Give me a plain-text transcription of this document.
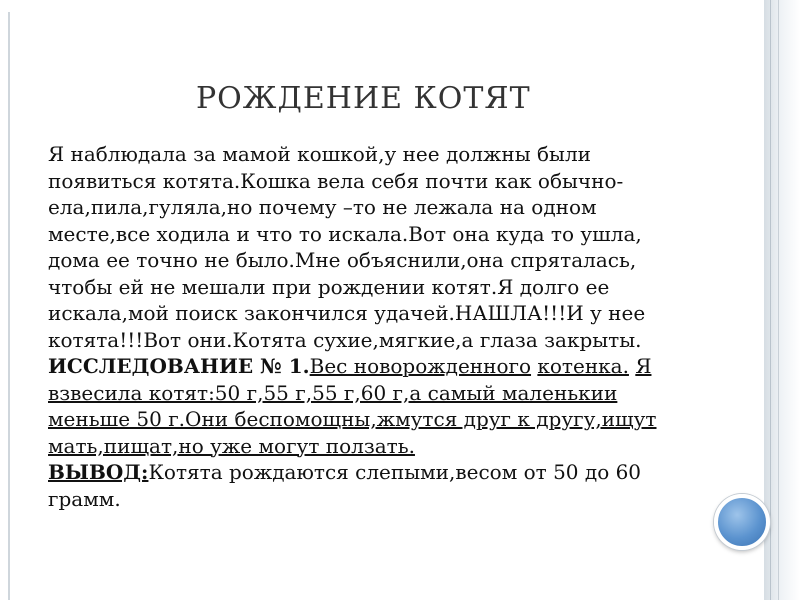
РОЖДЕНИЕ КОТЯТ
Я наблюдала за мамой кошкой,у нее должны были появиться котята.Кошка вела себя почти как обычно-ела,пила,гуляла,но почему –то не лежала на одном месте,все ходила и что то искала.Вот она куда то ушла, дома ее точно не было.Мне объяснили,она спряталась, чтобы ей не мешали при рождении котят.Я долго ее искала,мой поиск закончился удачей.НАШЛА!!!И у нее котята!!!Вот они.Котята сухие,мягкие,а глаза закрыты.
ИССЛЕДОВАНИЕ № 1.Вес новорожденного котенка. Я взвесила котят:50 г,55 г,55 г,60 г,а самый маленькии меньше 50 г.Они беспомощны,жмутся друг к другу,ищут мать,пищат,но уже могут ползать.
ВЫВОД:Котята рождаются слепыми,весом от 50 до 60 грамм.
